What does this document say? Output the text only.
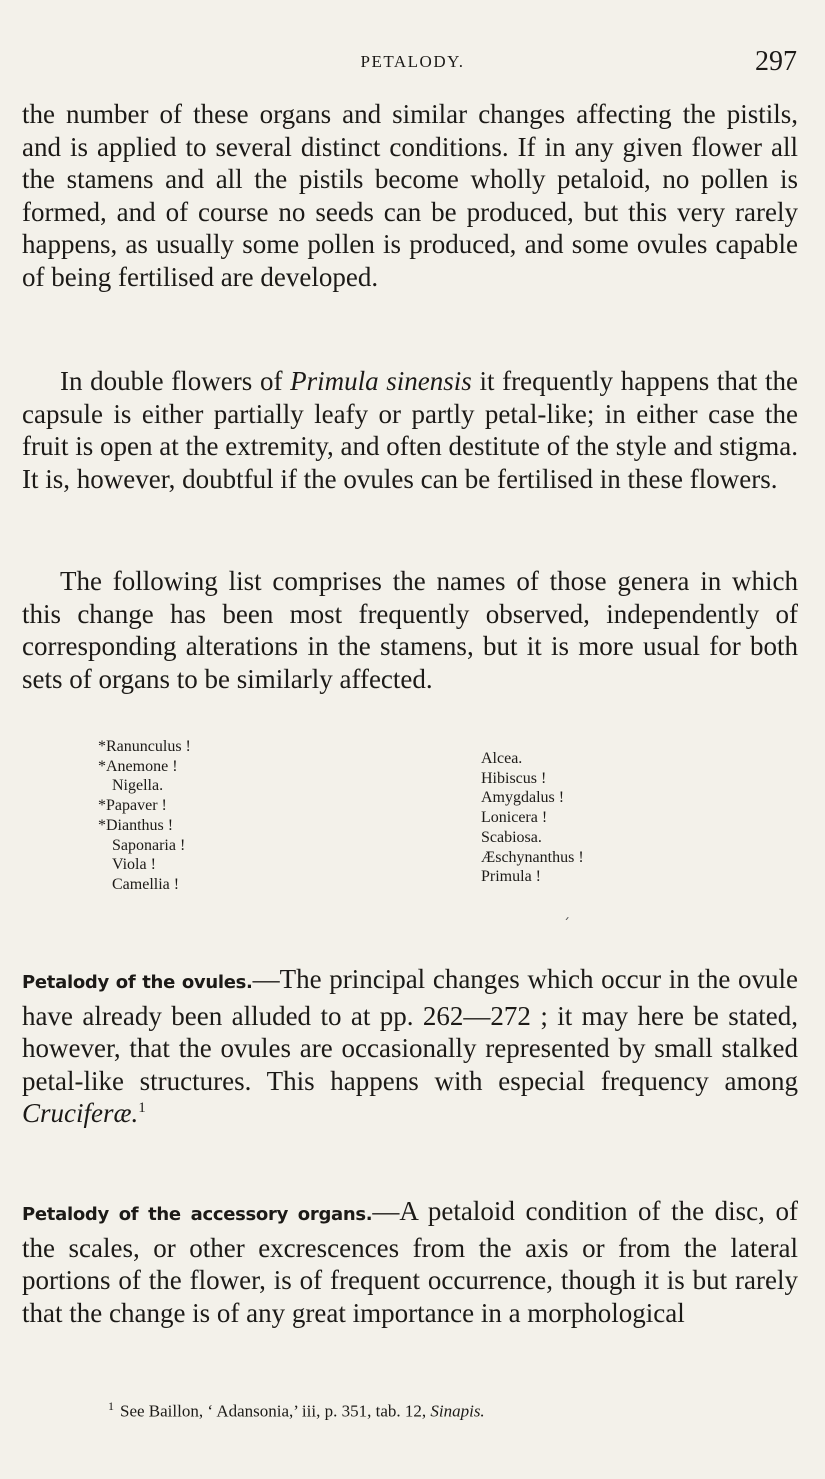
PETALODY.	297

the number of these organs and similar changes affecting the pistils, and is applied to several distinct conditions. If in any given flower all the stamens and all the pistils become wholly petaloid, no pollen is formed, and of course no seeds can be produced, but this very rarely happens, as usually some pollen is produced, and some ovules capable of being fertilised are developed.

In double flowers of Primula sinensis it frequently happens that the capsule is either partially leafy or partly petal-like; in either case the fruit is open at the extremity, and often destitute of the style and stigma. It is, however, doubtful if the ovules can be fertilised in these flowers.

The following list comprises the names of those genera in which this change has been most frequently observed, independently of corresponding alterations in the stamens, but it is more usual for both sets of organs to be similarly affected.

*Ranunculus !
*Anemone !
Nigella.
*Papaver !
*Dianthus !
Saponaria !
Viola !
Camellia !
Alcea.
Hibiscus !
Amygdalus !
Lonicera !
Scabiosa.
Æschynanthus !
Primula !
ˊ

Petalody of the ovules.—The principal changes which occur in the ovule have already been alluded to at pp. 262—272 ; it may here be stated, however, that the ovules are occasionally represented by small stalked petal-like structures. This happens with especial frequency among Cruciferæ.$^1$

Petalody of the accessory organs.—A petaloid condition of the disc, of the scales, or other excrescences from the axis or from the lateral portions of the flower, is of frequent occurrence, though it is but rarely that the change is of any great importance in a morphological

$^1$ See Baillon, ‘ Adansonia,’ iii, p. 351, tab. 12, Sinapis.
